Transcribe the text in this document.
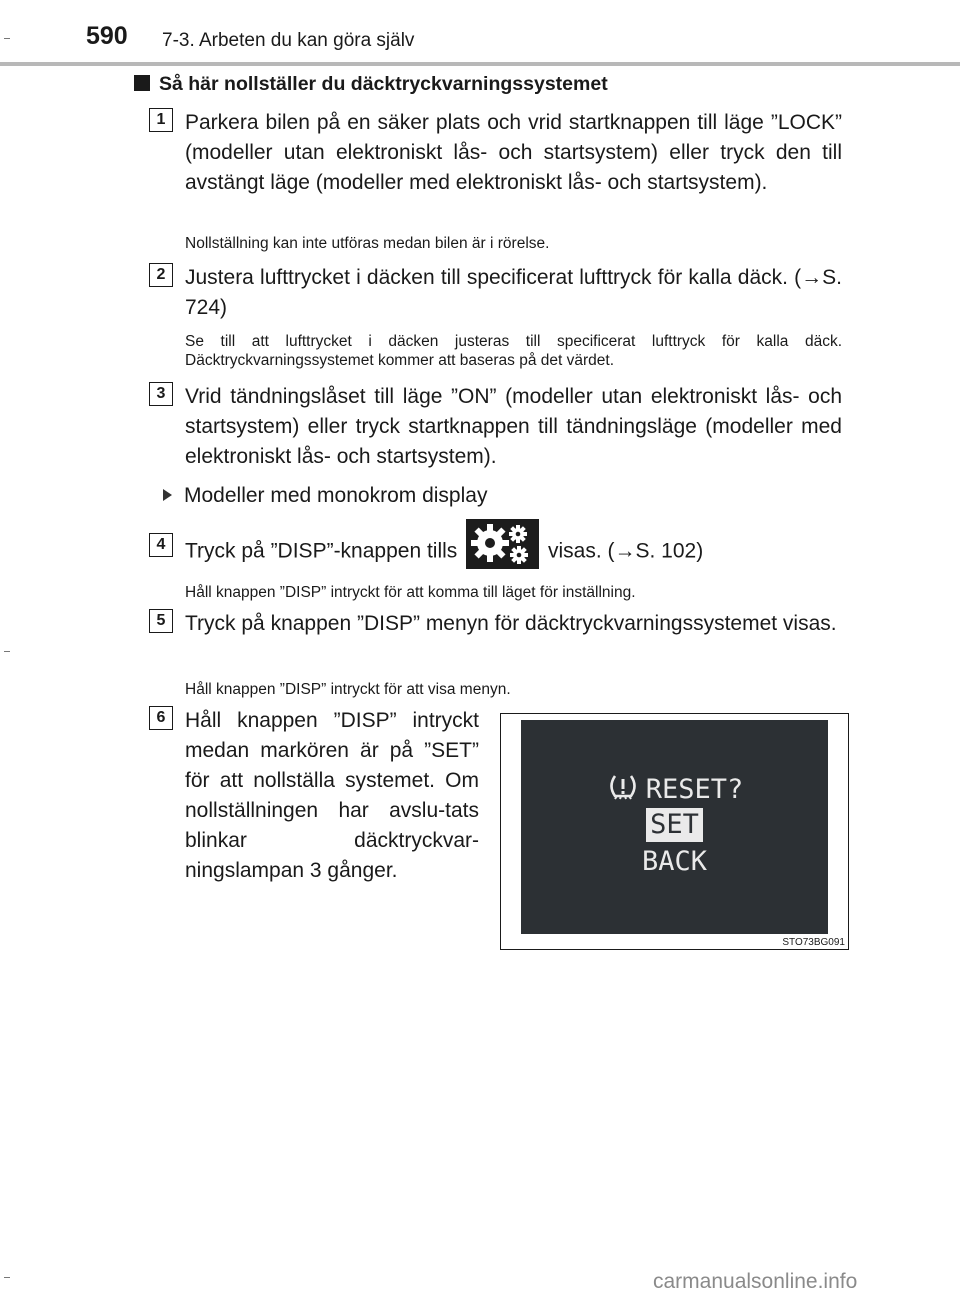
590 7-3. Arbeten du kan göra själv
Så här nollställer du däcktryckvarningssystemet
1 Parkera bilen på en säker plats och vrid startknappen till läge ”LOCK” (modeller utan elektroniskt lås- och startsystem) eller tryck den till avstängt läge (modeller med elektroniskt lås- och startsystem).

Nollställning kan inte utföras medan bilen är i rörelse.

2 Justera lufttrycket i däcken till specificerat lufttryck för kalla däck. (→S. 724)

Se till att lufttrycket i däcken justeras till specificerat lufttryck för kalla däck. Däcktryckvarningssystemet kommer att baseras på det värdet.

3 Vrid tändningslåset till läge ”ON” (modeller utan elektroniskt lås- och startsystem) eller tryck startknappen till tändningsläge (modeller med elektroniskt lås- och startsystem).

Modeller med monokrom display
4 Tryck på ”DISP”-knappen tills	visas. (→S. 102)

Håll knappen ”DISP” intryckt för att komma till läget för inställning.

5 Tryck på knappen ”DISP” menyn för däcktryckvarningssystemet visas.

Håll knappen ”DISP” intryckt för att visa menyn.

6 Håll knappen ”DISP” intryckt medan markören är på ”SET” för att nollställa systemet. Om nollställningen har avslu-tats blinkar däcktryckvar-ningslampan 3 gånger.

RESET?
SET
BACK
STO73BG091
carmanualsonline.info
